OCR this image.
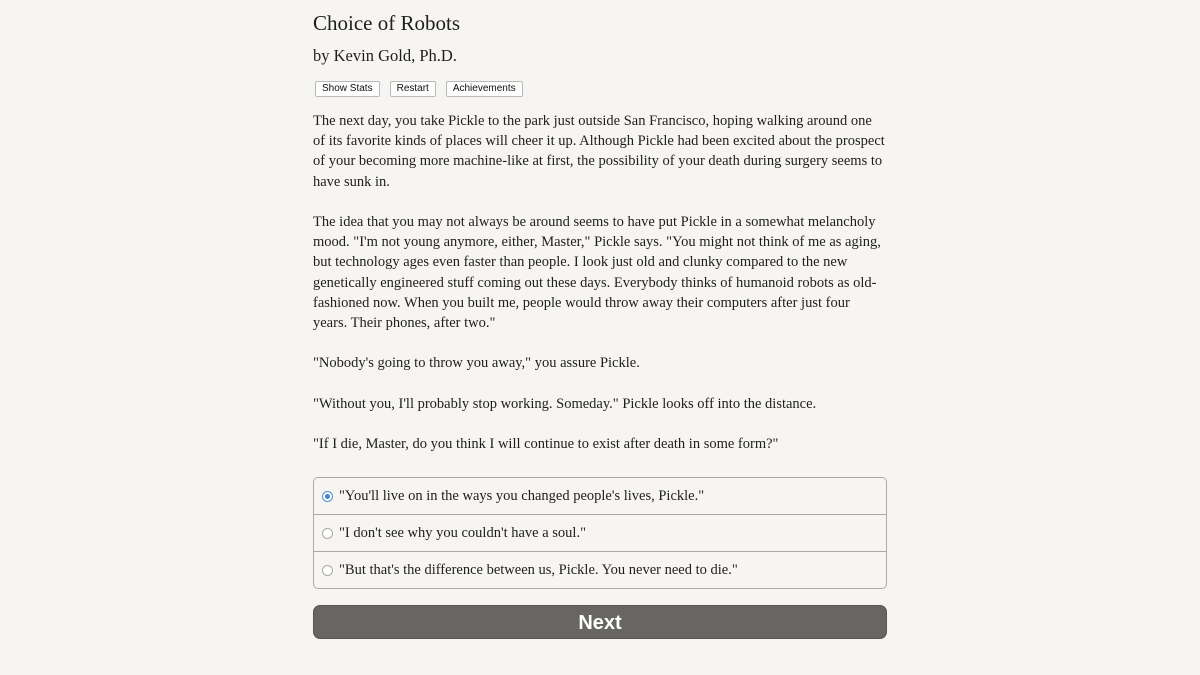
Choice of Robots
by Kevin Gold, Ph.D.
Show Stats	Restart	Achievements

The next day, you take Pickle to the park just outside San Francisco, hoping walking around one of its favorite kinds of places will cheer it up. Although Pickle had been excited about the prospect of your becoming more machine-like at first, the possibility of your death during surgery seems to have sunk in.

The idea that you may not always be around seems to have put Pickle in a somewhat melancholy mood. "I'm not young anymore, either, Master," Pickle says. "You might not think of me as aging, but technology ages even faster than people. I look just old and clunky compared to the new genetically engineered stuff coming out these days. Everybody thinks of humanoid robots as old-fashioned now. When you built me, people would throw away their computers after just four years. Their phones, after two."

"Nobody's going to throw you away," you assure Pickle.

"Without you, I'll probably stop working. Someday." Pickle looks off into the distance.

"If I die, Master, do you think I will continue to exist after death in some form?"

"You'll live on in the ways you changed people's lives, Pickle."
"I don't see why you couldn't have a soul."
"But that's the difference between us, Pickle. You never need to die."
Next
